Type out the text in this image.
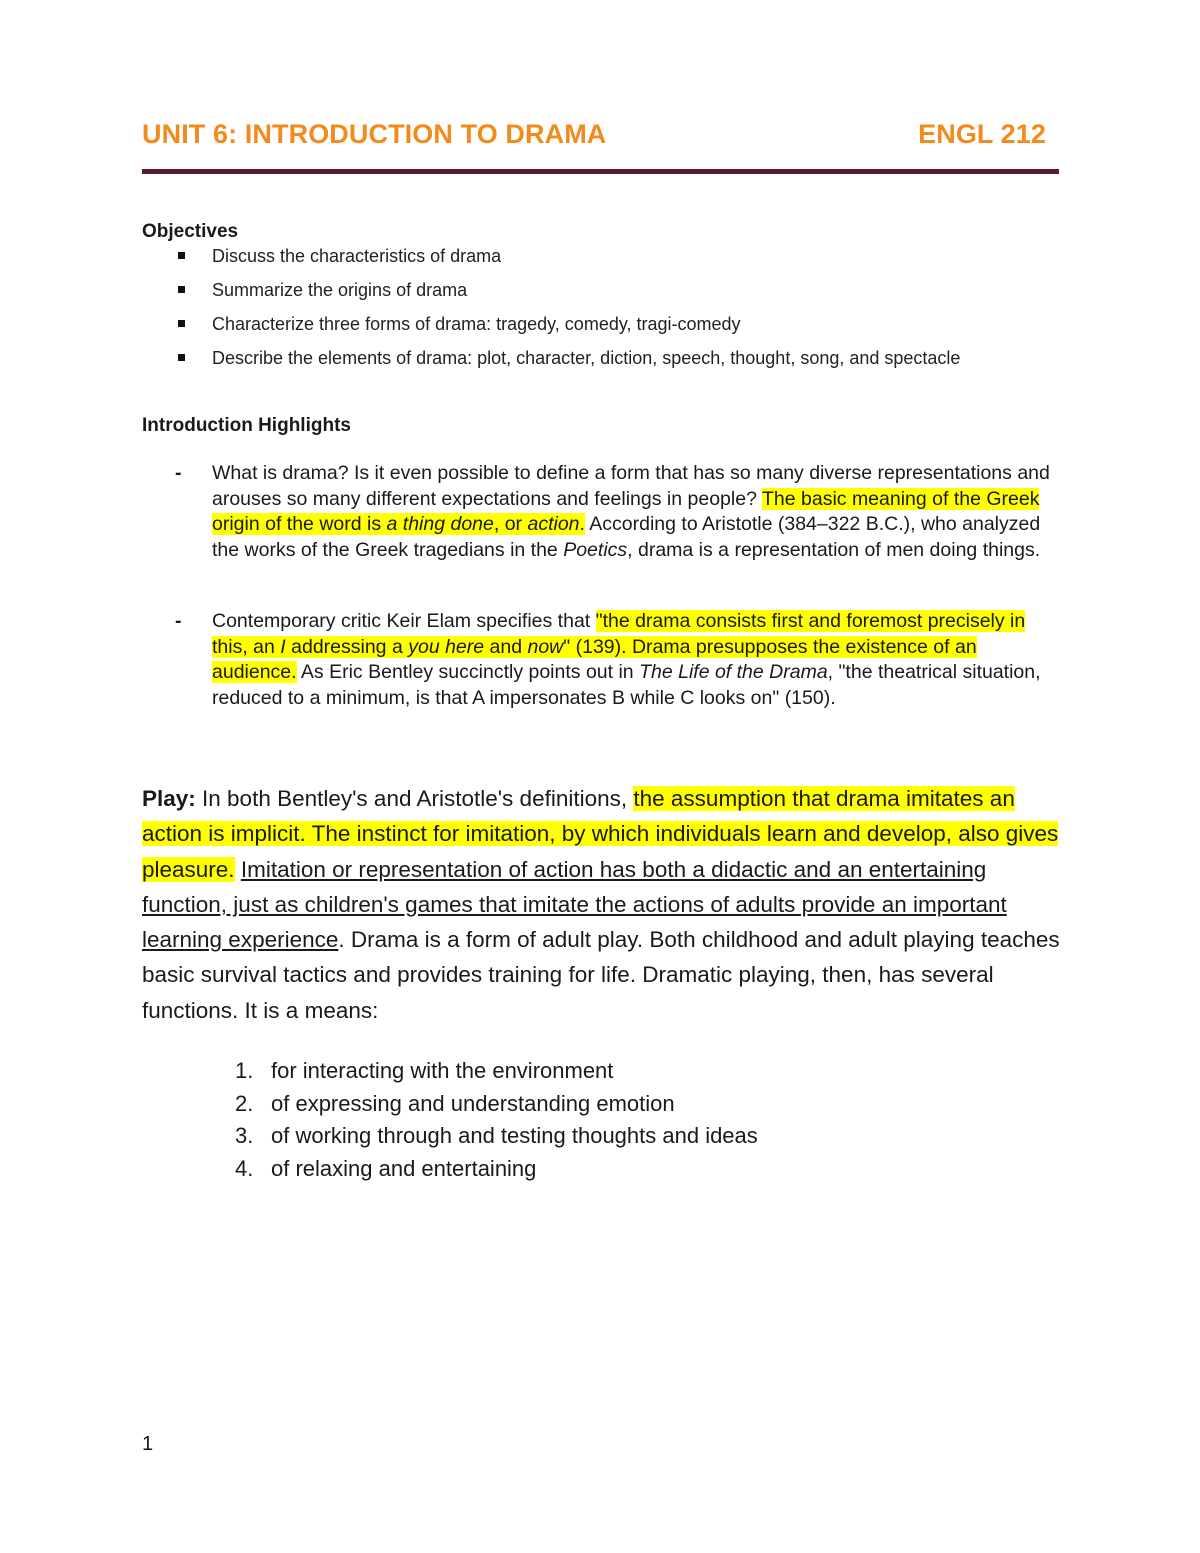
UNIT 6: INTRODUCTION TO DRAMA	ENGL 212
Objectives
Discuss the characteristics of drama
Summarize the origins of drama
Characterize three forms of drama: tragedy, comedy, tragi-comedy
Describe the elements of drama: plot, character, diction, speech, thought, song, and spectacle
Introduction Highlights
- What is drama? Is it even possible to define a form that has so many diverse representations and arouses so many different expectations and feelings in people? The basic meaning of the Greek origin of the word is a thing done, or action. According to Aristotle (384–322 B.C.), who analyzed the works of the Greek tragedians in the Poetics, drama is a representation of men doing things.
- Contemporary critic Keir Elam specifies that "the drama consists first and foremost precisely in this, an I addressing a you here and now" (139). Drama presupposes the existence of an audience. As Eric Bentley succinctly points out in The Life of the Drama, "the theatrical situation, reduced to a minimum, is that A impersonates B while C looks on" (150).
Play: In both Bentley's and Aristotle's definitions, the assumption that drama imitates an action is implicit. The instinct for imitation, by which individuals learn and develop, also gives pleasure. Imitation or representation of action has both a didactic and an entertaining function, just as children's games that imitate the actions of adults provide an important learning experience. Drama is a form of adult play. Both childhood and adult playing teaches basic survival tactics and provides training for life. Dramatic playing, then, has several functions. It is a means:
1. for interacting with the environment
2. of expressing and understanding emotion
3. of working through and testing thoughts and ideas
4. of relaxing and entertaining
1
